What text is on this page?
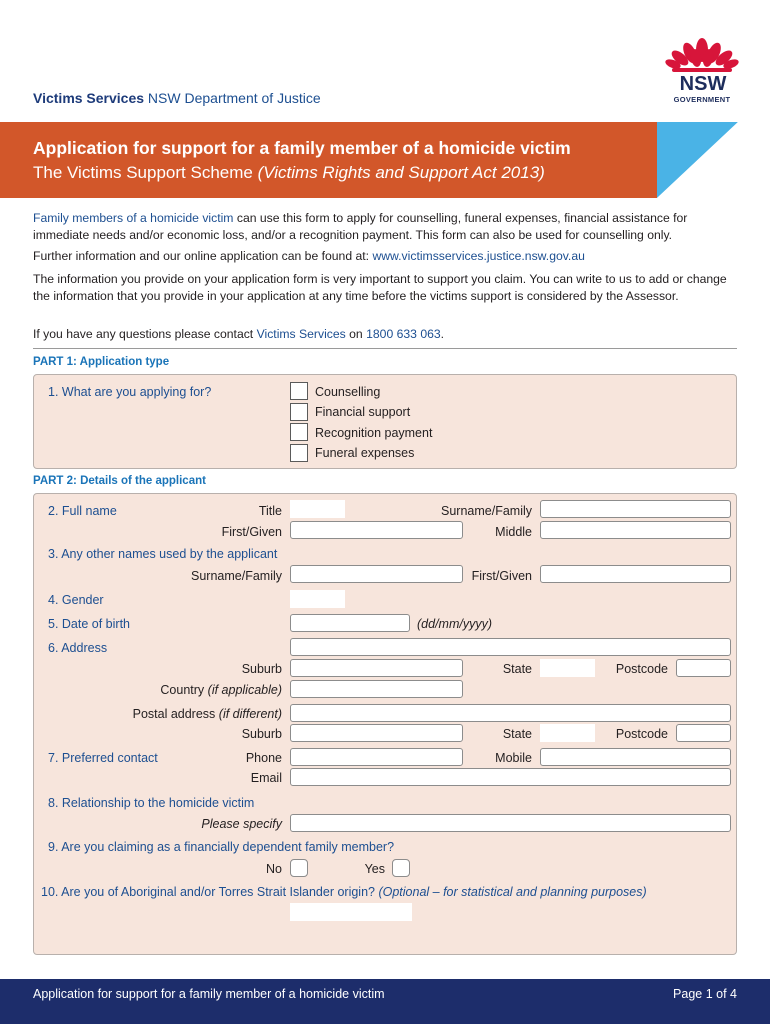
Victims Services NSW Department of Justice
NSW
GOVERNMENT
Application for support for a family member of a homicide victim
The Victims Support Scheme (Victims Rights and Support Act 2013)
Family members of a homicide victim can use this form to apply for counselling, funeral expenses, financial assistance for immediate needs and/or economic loss, and/or a recognition payment. This form can also be used for counselling only.
Further information and our online application can be found at: www.victimsservices.justice.nsw.gov.au
The information you provide on your application form is very important to support you claim. You can write to us to add or change the information that you provide in your application at any time before the victims support is considered by the Assessor.
If you have any questions please contact Victims Services on 1800 633 063.
PART 1: Application type
1. What are you applying for?	Counselling
Financial support
Recognition payment
Funeral expenses
PART 2: Details of the applicant
2. Full name	Title	Surname/Family
First/Given	Middle
3. Any other names used by the applicant
Surname/Family	First/Given
4. Gender
5. Date of birth	(dd/mm/yyyy)
6. Address
Suburb	State	Postcode
Country (if applicable)
Postal address (if different)
Suburb	State	Postcode
7. Preferred contact	Phone	Mobile
Email
8. Relationship to the homicide victim
Please specify
9. Are you claiming as a financially dependent family member?
No	Yes
10. Are you of Aboriginal and/or Torres Strait Islander origin? (Optional – for statistical and planning purposes)
Application for support for a family member of a homicide victim	Page 1 of 4
